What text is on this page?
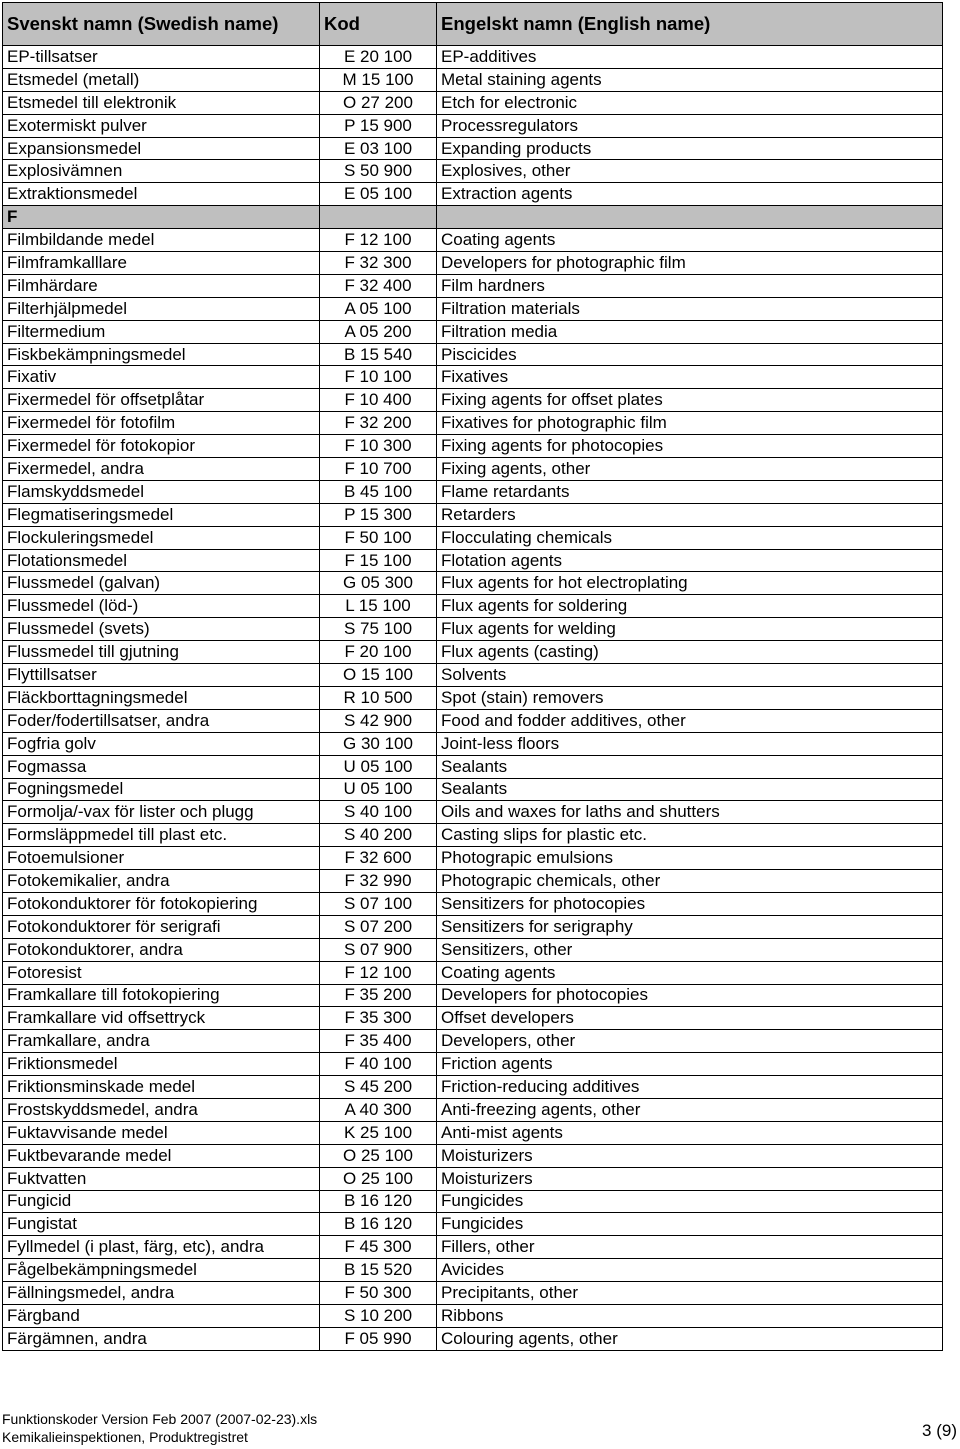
Svenskt namn (Swedish name)	Kod	Engelskt namn (English name)
EP-tillsatser	E 20 100	EP-additives
Etsmedel (metall)	M 15 100	Metal staining agents
Etsmedel till elektronik	O 27 200	Etch for electronic
Exotermiskt pulver	P 15 900	Processregulators
Expansionsmedel	E 03 100	Expanding products
Explosivämnen	S 50 900	Explosives, other
Extraktionsmedel	E 05 100	Extraction agents
F		
Filmbildande medel	F 12 100	Coating agents
Filmframkalllare	F 32 300	Developers for photographic film
Filmhärdare	F 32 400	Film hardners
Filterhjälpmedel	A 05 100	Filtration materials
Filtermedium	A 05 200	Filtration media
Fiskbekämpningsmedel	B 15 540	Piscicides
Fixativ	F 10 100	Fixatives
Fixermedel för offsetplåtar	F 10 400	Fixing agents for offset plates
Fixermedel för fotofilm	F 32 200	Fixatives for photographic film
Fixermedel för fotokopior	F 10 300	Fixing agents for photocopies
Fixermedel, andra	F 10 700	Fixing agents, other
Flamskyddsmedel	B 45 100	Flame retardants
Flegmatiseringsmedel	P 15 300	Retarders
Flockuleringsmedel	F 50 100	Flocculating chemicals
Flotationsmedel	F 15 100	Flotation agents
Flussmedel (galvan)	G 05 300	Flux agents for hot electroplating
Flussmedel (löd-)	L 15 100	Flux agents for soldering
Flussmedel (svets)	S 75 100	Flux agents for welding
Flussmedel till gjutning	F 20 100	Flux agents (casting)
Flyttillsatser	O 15 100	Solvents
Fläckborttagningsmedel	R 10 500	Spot (stain) removers
Foder/fodertillsatser, andra	S 42 900	Food and fodder additives, other
Fogfria golv	G 30 100	Joint-less floors
Fogmassa	U 05 100	Sealants
Fogningsmedel	U 05 100	Sealants
Formolja/-vax för lister och plugg	S 40 100	Oils and waxes for laths and shutters
Formsläppmedel till plast etc.	S 40 200	Casting slips for plastic etc.
Fotoemulsioner	F 32 600	Photograpic emulsions
Fotokemikalier, andra	F 32 990	Photograpic chemicals, other
Fotokonduktorer för fotokopiering	S 07 100	Sensitizers for photocopies
Fotokonduktorer för serigrafi	S 07 200	Sensitizers for serigraphy
Fotokonduktorer, andra	S 07 900	Sensitizers, other
Fotoresist	F 12 100	Coating agents
Framkallare till fotokopiering	F 35 200	Developers for photocopies
Framkallare vid offsettryck	F 35 300	Offset developers
Framkallare, andra	F 35 400	Developers, other
Friktionsmedel	F 40 100	Friction agents
Friktionsminskade medel	S 45 200	Friction-reducing additives
Frostskyddsmedel, andra	A 40 300	Anti-freezing agents, other
Fuktavvisande medel	K 25 100	Anti-mist agents
Fuktbevarande medel	O 25 100	Moisturizers
Fuktvatten	O 25 100	Moisturizers
Fungicid	B 16 120	Fungicides
Fungistat	B 16 120	Fungicides
Fyllmedel (i plast, färg, etc), andra	F 45 300	Fillers, other
Fågelbekämpningsmedel	B 15 520	Avicides
Fällningsmedel, andra	F 50 300	Precipitants, other
Färgband	S 10 200	Ribbons
Färgämnen, andra	F 05 990	Colouring agents, other
Funktionskoder Version Feb 2007 (2007-02-23).xls
Kemikalieinspektionen, Produktregistret	3 (9)
